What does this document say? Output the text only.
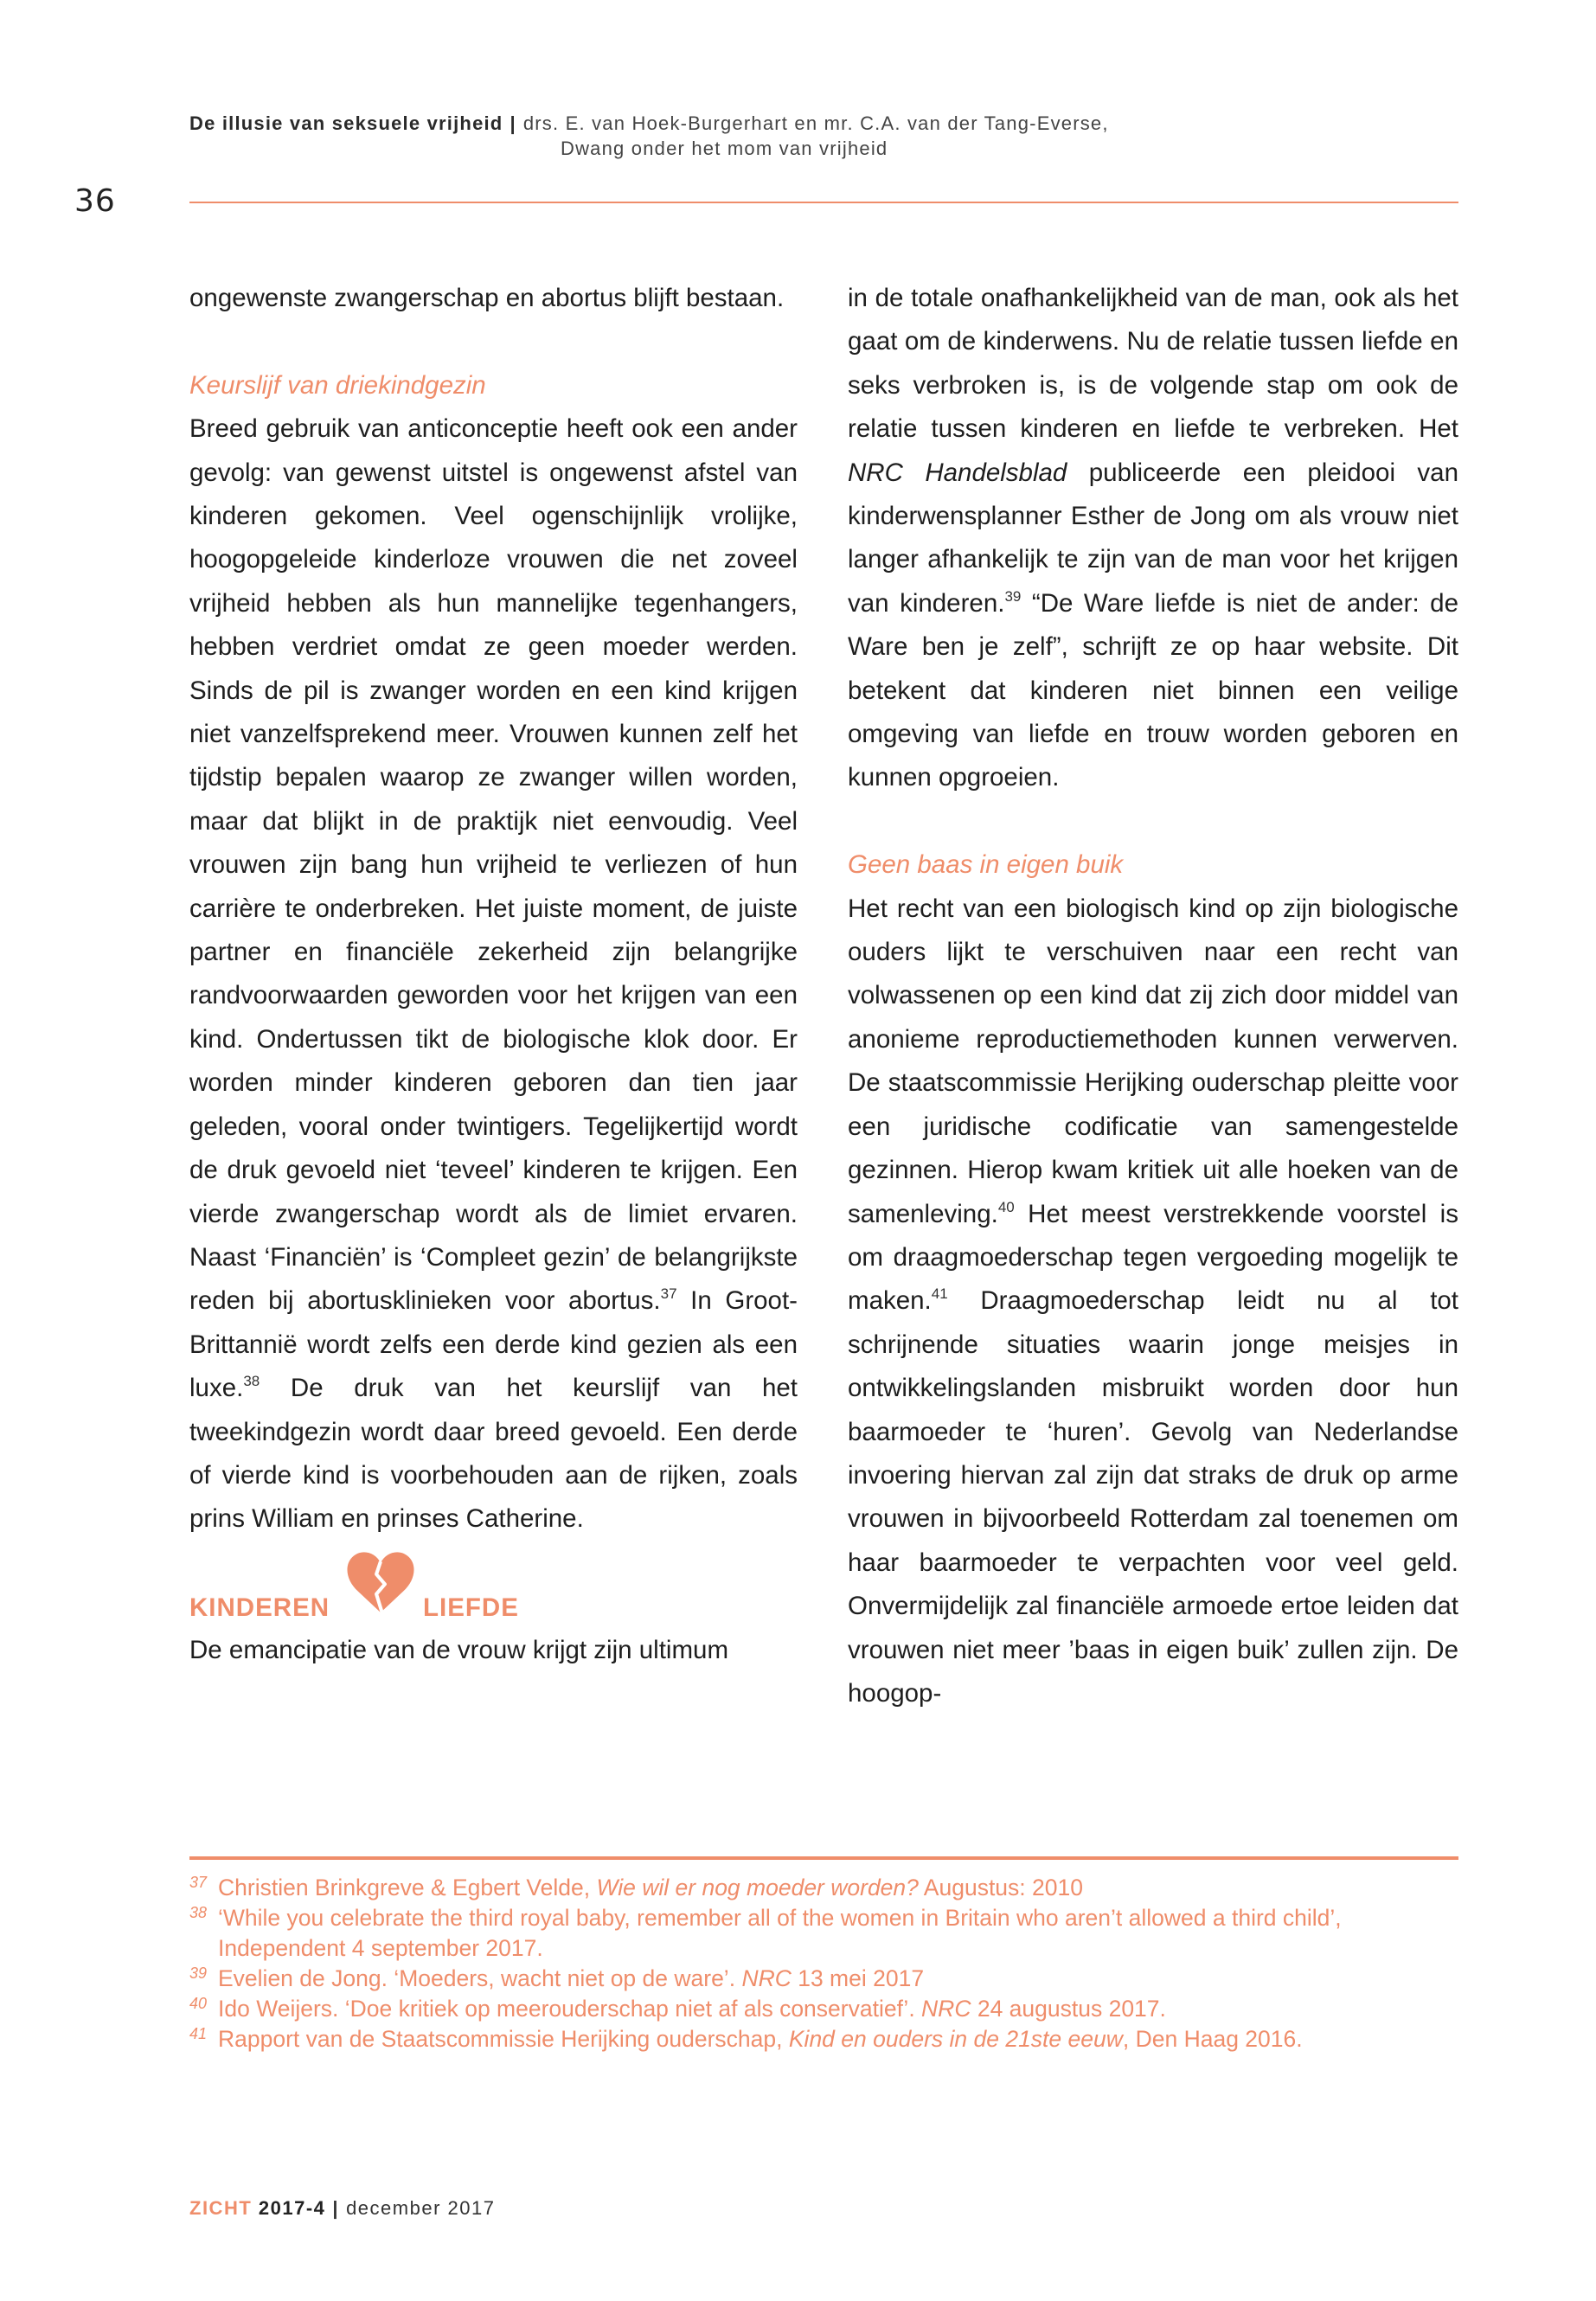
De illusie van seksuele vrijheid | drs. E. van Hoek-Burgerhart en mr. C.A. van der Tang-Everse,
Dwang onder het mom van vrijheid
36

ongewenste zwangerschap en abortus blijft bestaan.

Keurslijf van driekindgezin

Breed gebruik van anticonceptie heeft ook een ander gevolg: van gewenst uitstel is ongewenst afstel van kinderen gekomen. Veel ogenschijnlijk vrolijke, hoogopgeleide kinderloze vrouwen die net zoveel vrijheid hebben als hun mannelijke tegenhangers, hebben verdriet omdat ze geen moeder werden. Sinds de pil is zwanger worden en een kind krijgen niet vanzelfsprekend meer. Vrouwen kunnen zelf het tijdstip bepalen waarop ze zwanger willen worden, maar dat blijkt in de praktijk niet eenvoudig. Veel vrouwen zijn bang hun vrijheid te verliezen of hun carrière te onderbreken. Het juiste moment, de juiste partner en financiële zekerheid zijn belangrijke randvoorwaarden geworden voor het krijgen van een kind. Ondertussen tikt de biologische klok door. Er worden minder kinderen geboren dan tien jaar geleden, vooral onder twintigers. Tegelijkertijd wordt de druk gevoeld niet ‘teveel’ kinderen te krijgen. Een vierde zwangerschap wordt als de limiet ervaren. Naast ‘Financiën’ is ‘Compleet gezin’ de belangrijkste reden bij abortusklinieken voor abortus.$^{37}$ In Groot-Brittannië wordt zelfs een derde kind gezien als een luxe.$^{38}$ De druk van het keurslijf van het tweekindgezin wordt daar breed gevoeld. Een derde of vierde kind is voorbehouden aan de rijken, zoals prins William en prinses Catherine.

KINDEREN	LIEFDE

De emancipatie van de vrouw krijgt zijn ultimum

in de totale onafhankelijkheid van de man, ook als het gaat om de kinderwens. Nu de relatie tussen liefde en seks verbroken is, is de volgende stap om ook de relatie tussen kinderen en liefde te verbreken. Het NRC Handelsblad publiceerde een pleidooi van kinderwensplanner Esther de Jong om als vrouw niet langer afhankelijk te zijn van de man voor het krijgen van kinderen.$^{39}$ “De Ware liefde is niet de ander: de Ware ben je zelf”, schrijft ze op haar website. Dit betekent dat kinderen niet binnen een veilige omgeving van liefde en trouw worden geboren en kunnen opgroeien.

Geen baas in eigen buik

Het recht van een biologisch kind op zijn biologische ouders lijkt te verschuiven naar een recht van volwassenen op een kind dat zij zich door middel van anonieme reproductiemethoden kunnen verwerven. De staatscommissie Herijking ouderschap pleitte voor een juridische codificatie van samengestelde gezinnen. Hierop kwam kritiek uit alle hoeken van de samenleving.$^{40}$ Het meest verstrekkende voorstel is om draagmoederschap tegen vergoeding mogelijk te maken.$^{41}$ Draagmoederschap leidt nu al tot schrijnende situaties waarin jonge meisjes in ontwikkelingslanden misbruikt worden door hun baarmoeder te ‘huren’. Gevolg van Nederlandse invoering hiervan zal zijn dat straks de druk op arme vrouwen in bijvoorbeeld Rotterdam zal toenemen om haar baarmoeder te verpachten voor veel geld. Onvermijdelijk zal financiële armoede ertoe leiden dat vrouwen niet meer ’baas in eigen buik’ zullen zijn. De hoogop-

37 Christien Brinkgreve & Egbert Velde, Wie wil er nog moeder worden? Augustus: 2010

38 ‘While you celebrate the third royal baby, remember all of the women in Britain who aren’t allowed a third child’, Independent 4 september 2017.

39 Evelien de Jong. ‘Moeders, wacht niet op de ware’. NRC 13 mei 2017

40 Ido Weijers. ‘Doe kritiek op meerouderschap niet af als conservatief’. NRC 24 augustus 2017.

41 Rapport van de Staatscommissie Herijking ouderschap, Kind en ouders in de 21ste eeuw, Den Haag 2016.

ZICHT 2017-4 | december 2017
